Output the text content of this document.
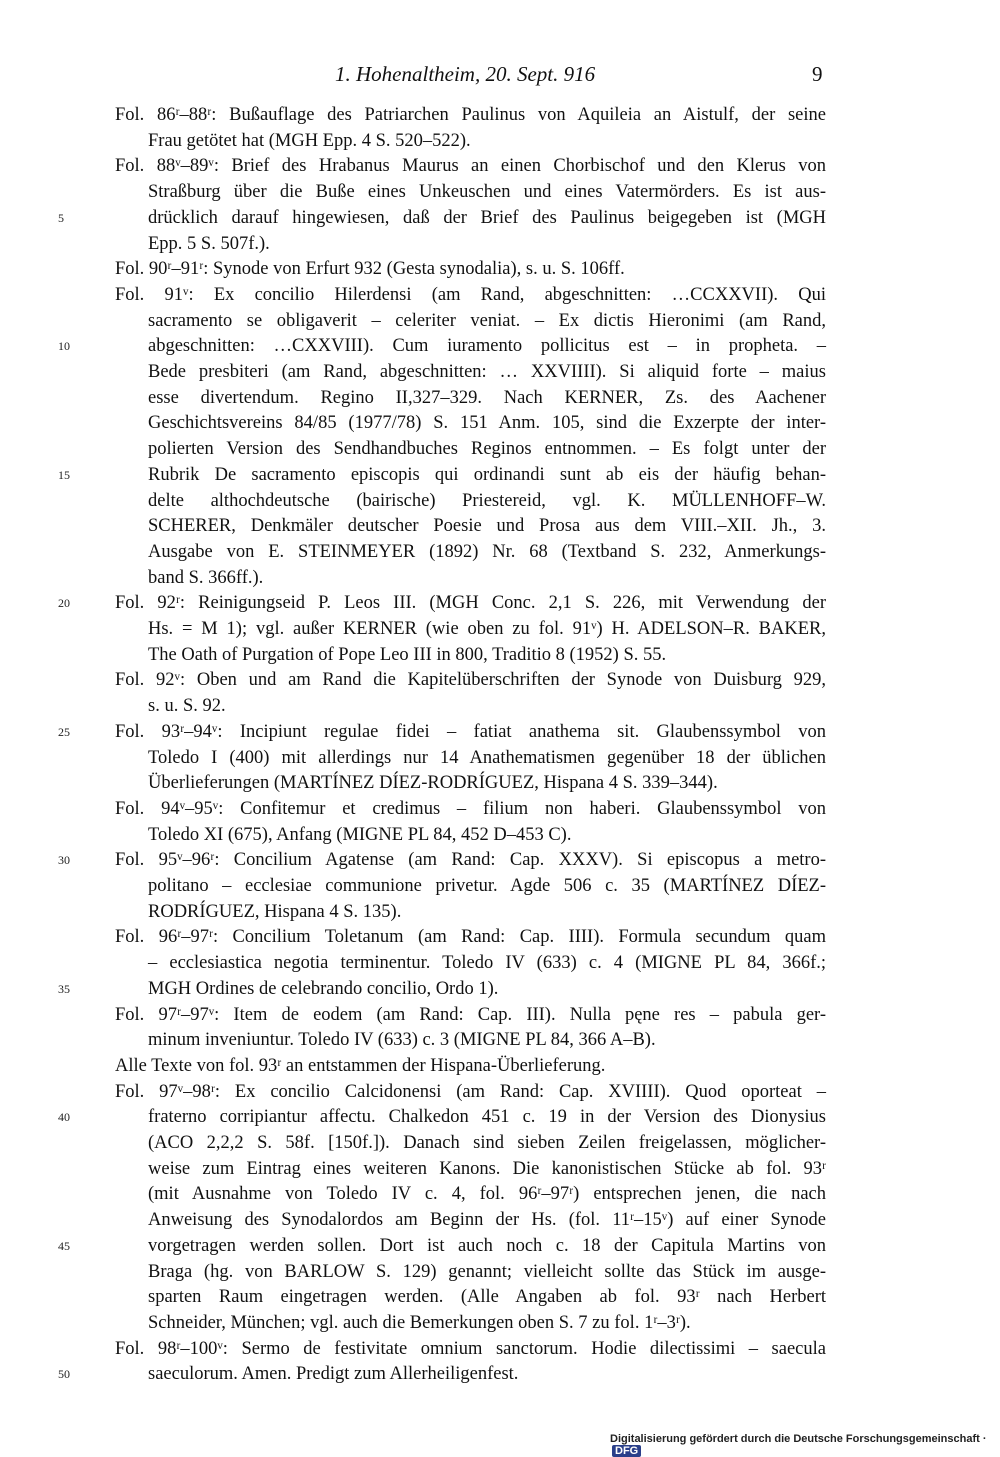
1. Hohenaltheim, 20. Sept. 916	9
Fol. 86ʳ–88ʳ: Bußauflage des Patriarchen Paulinus von Aquileia an Aistulf, der seine
Frau getötet hat (MGH Epp. 4 S. 520–522).
Fol. 88ᵛ–89ᵛ: Brief des Hrabanus Maurus an einen Chorbischof und den Klerus von
Straßburg über die Buße eines Unkeuschen und eines Vatermörders. Es ist aus-
5	drücklich darauf hingewiesen, daß der Brief des Paulinus beigegeben ist (MGH
Epp. 5 S. 507f.).
Fol. 90ʳ–91ʳ: Synode von Erfurt 932 (Gesta synodalia), s. u. S. 106ff.
Fol. 91ᵛ: Ex concilio Hilerdensi (am Rand, abgeschnitten: …CCXXVII). Qui
sacramento se obligaverit – celeriter veniat. – Ex dictis Hieronimi (am Rand,
10	abgeschnitten: …CXXVIII). Cum iuramento pollicitus est – in propheta. –
Bede presbiteri (am Rand, abgeschnitten: … XXVIIII). Si aliquid forte – maius
esse divertendum. Regino II,327–329. Nach KERNER, Zs. des Aachener
Geschichtsvereins 84/85 (1977/78) S. 151 Anm. 105, sind die Exzerpte der inter-
polierten Version des Sendhandbuches Reginos entnommen. – Es folgt unter der
15	Rubrik De sacramento episcopis qui ordinandi sunt ab eis der häufig behan-
delte althochdeutsche (bairische) Priestereid, vgl. K. MÜLLENHOFF–W.
SCHERER, Denkmäler deutscher Poesie und Prosa aus dem VIII.–XII. Jh., 3.
Ausgabe von E. STEINMEYER (1892) Nr. 68 (Textband S. 232, Anmerkungs-
band S. 366ff.).
20	Fol. 92ʳ: Reinigungseid P. Leos III. (MGH Conc. 2,1 S. 226, mit Verwendung der
Hs. = M 1); vgl. außer KERNER (wie oben zu fol. 91ᵛ) H. ADELSON–R. BAKER,
The Oath of Purgation of Pope Leo III in 800, Traditio 8 (1952) S. 55.
Fol. 92ᵛ: Oben und am Rand die Kapitelüberschriften der Synode von Duisburg 929,
s. u. S. 92.
25	Fol. 93ʳ–94ᵛ: Incipiunt regulae fidei – fatiat anathema sit. Glaubenssymbol von
Toledo I (400) mit allerdings nur 14 Anathematismen gegenüber 18 der üblichen
Überlieferungen (MARTÍNEZ DÍEZ-RODRÍGUEZ, Hispana 4 S. 339–344).
Fol. 94ᵛ–95ᵛ: Confitemur et credimus – filium non haberi. Glaubenssymbol von
Toledo XI (675), Anfang (MIGNE PL 84, 452 D–453 C).
30	Fol. 95ᵛ–96ʳ: Concilium Agatense (am Rand: Cap. XXXV). Si episcopus a metro-
politano – ecclesiae communione privetur. Agde 506 c. 35 (MARTÍNEZ DÍEZ-
RODRÍGUEZ, Hispana 4 S. 135).
Fol. 96ʳ–97ʳ: Concilium Toletanum (am Rand: Cap. IIII). Formula secundum quam
– ecclesiastica negotia terminentur. Toledo IV (633) c. 4 (MIGNE PL 84, 366f.;
35	MGH Ordines de celebrando concilio, Ordo 1).
Fol. 97ʳ–97ᵛ: Item de eodem (am Rand: Cap. III). Nulla pęne res – pabula ger-
minum inveniuntur. Toledo IV (633) c. 3 (MIGNE PL 84, 366 A–B).
Alle Texte von fol. 93ʳ an entstammen der Hispana-Überlieferung.
Fol. 97ᵛ–98ʳ: Ex concilio Calcidonensi (am Rand: Cap. XVIIII). Quod oporteat –
40	fraterno corripiantur affectu. Chalkedon 451 c. 19 in der Version des Dionysius
(ACO 2,2,2 S. 58f. [150f.]). Danach sind sieben Zeilen freigelassen, möglicher-
weise zum Eintrag eines weiteren Kanons. Die kanonistischen Stücke ab fol. 93ʳ
(mit Ausnahme von Toledo IV c. 4, fol. 96ʳ–97ʳ) entsprechen jenen, die nach
Anweisung des Synodalordos am Beginn der Hs. (fol. 11ʳ–15ᵛ) auf einer Synode
45	vorgetragen werden sollen. Dort ist auch noch c. 18 der Capitula Martins von
Braga (hg. von BARLOW S. 129) genannt; vielleicht sollte das Stück im ausge-
sparten Raum eingetragen werden. (Alle Angaben ab fol. 93ʳ nach Herbert
Schneider, München; vgl. auch die Bemerkungen oben S. 7 zu fol. 1ʳ–3ʳ).
Fol. 98ʳ–100ᵛ: Sermo de festivitate omnium sanctorum. Hodie dilectissimi – saecula
50	saeculorum. Amen. Predigt zum Allerheiligenfest.
Digitalisierung gefördert durch die Deutsche Forschungsgemeinschaft ·DFG
